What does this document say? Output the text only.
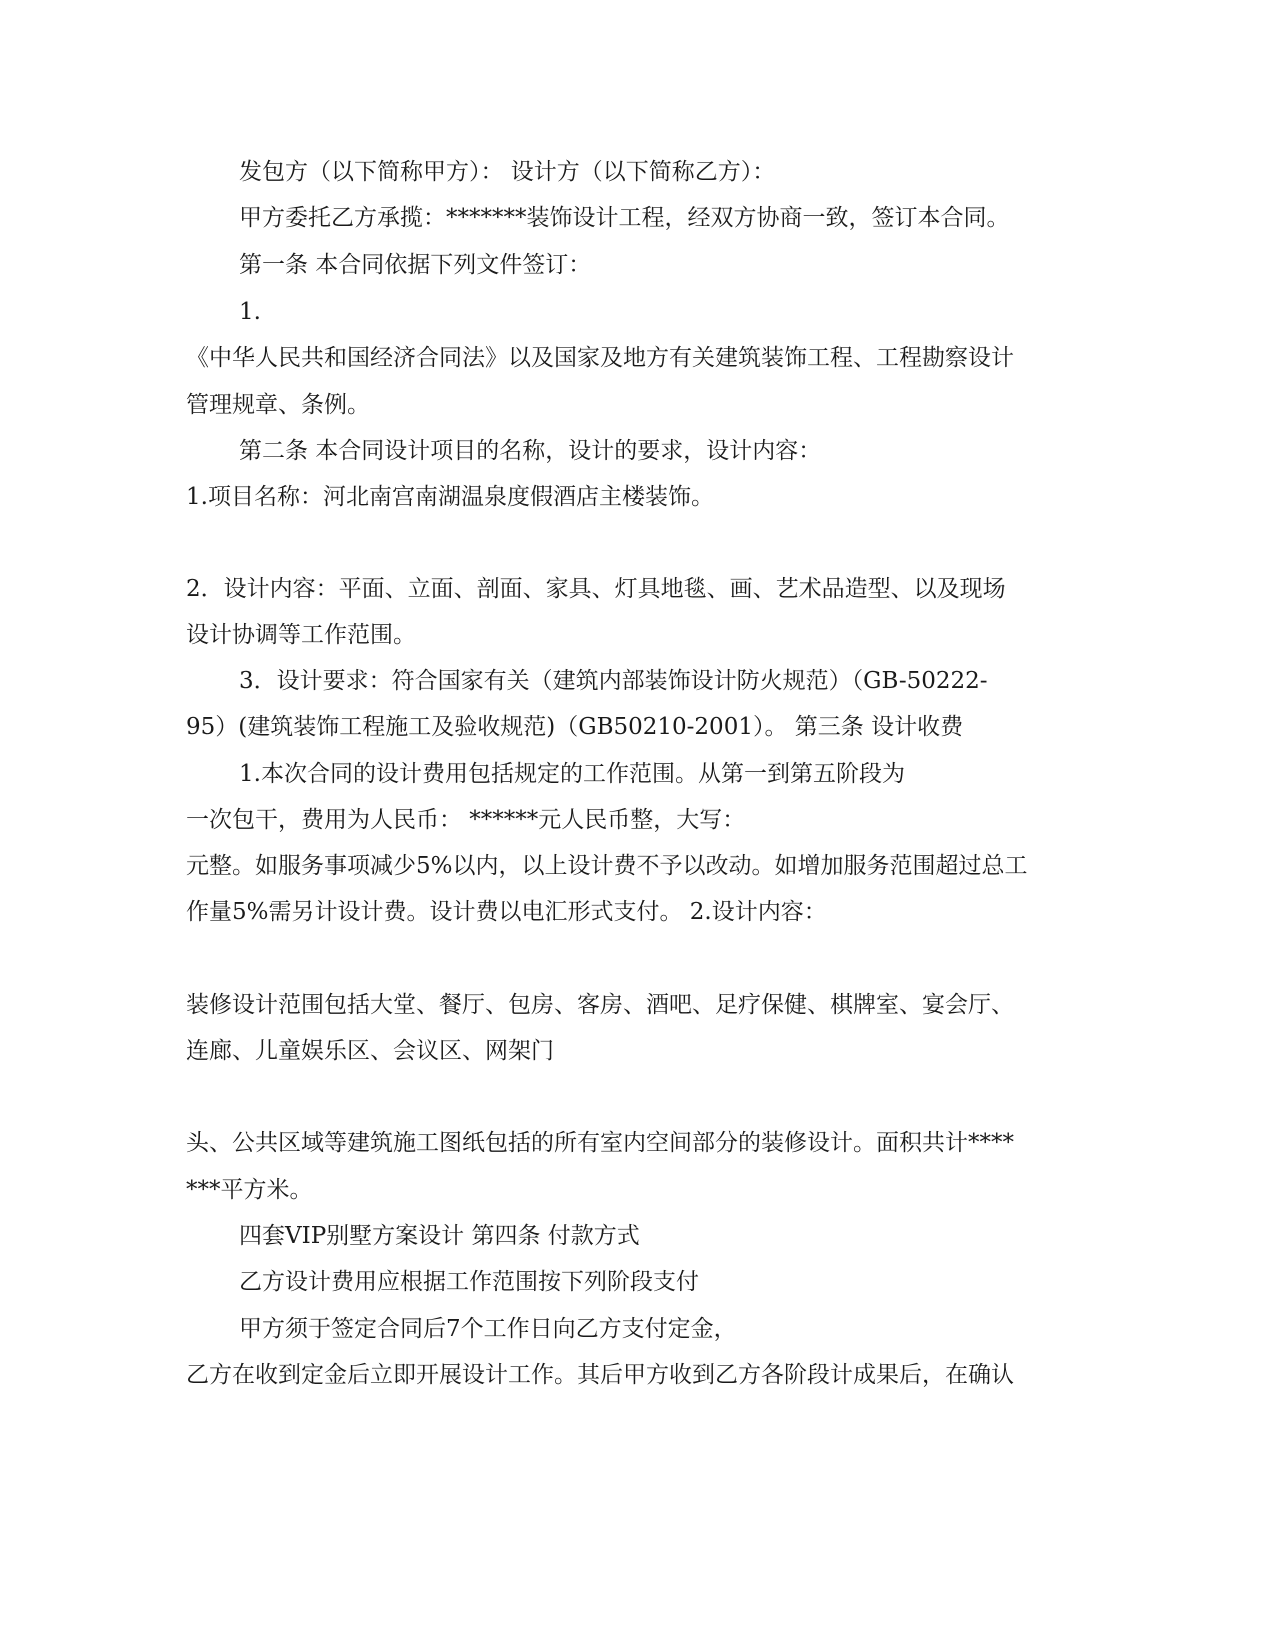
发包方（以下简称甲方）： 设计方（以下简称乙方）：
甲方委托乙方承揽：*******装饰设计工程，经双方协商一致，签订本合同。
第一条 本合同依据下列文件签订：
1.
《中华人民共和国经济合同法》以及国家及地方有关建筑装饰工程、工程勘察设计
管理规章、条例。
第二条 本合同设计项目的名称，设计的要求，设计内容：
1.项目名称：河北南宫南湖温泉度假酒店主楼装饰。
2．设计内容：平面、立面、剖面、家具、灯具地毯、画、艺术品造型、以及现场
设计协调等工作范围。
3．设计要求：符合国家有关（建筑内部装饰设计防火规范）（GB-50222-
95）(建筑装饰工程施工及验收规范)（GB50210-2001）。 第三条 设计收费
1.本次合同的设计费用包括规定的工作范围。从第一到第五阶段为
一次包干，费用为人民币： ******元人民币整，大写：
元整。如服务事项减少5%以内，以上设计费不予以改动。如增加服务范围超过总工
作量5%需另计设计费。设计费以电汇形式支付。 2.设计内容：
装修设计范围包括大堂、餐厅、包房、客房、酒吧、足疗保健、棋牌室、宴会厅、
连廊、儿童娱乐区、会议区、网架门
头、公共区域等建筑施工图纸包括的所有室内空间部分的装修设计。面积共计****
***平方米。
四套VIP别墅方案设计 第四条 付款方式
乙方设计费用应根据工作范围按下列阶段支付
甲方须于签定合同后7个工作日向乙方支付定金，
乙方在收到定金后立即开展设计工作。其后甲方收到乙方各阶段计成果后，在确认
